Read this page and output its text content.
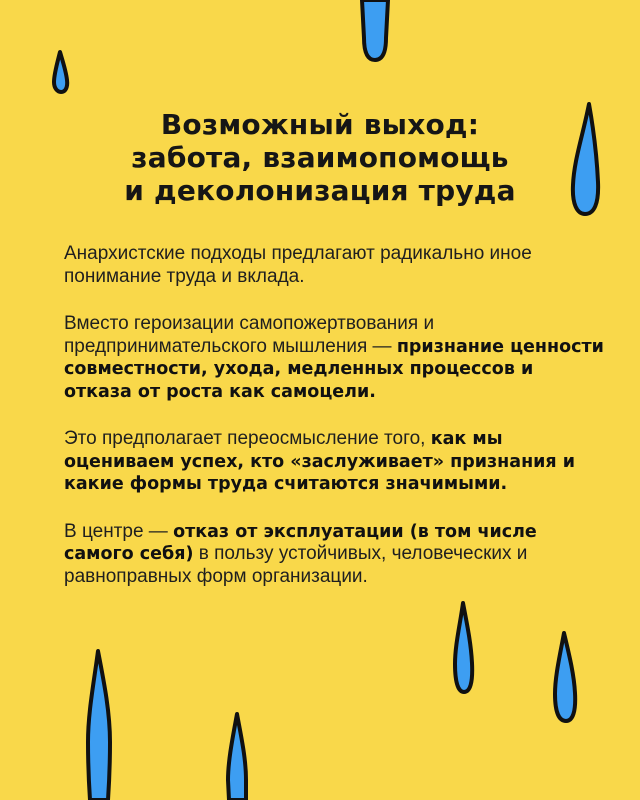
Возможный выход:
забота, взаимопомощь
и деколонизация труда

Анархистские подходы предлагают радикально иное понимание труда и вклада.

Вместо героизации самопожертвования и предпринимательского мышления — признание ценности совместности, ухода, медленных процессов и отказа от роста как самоцели.

Это предполагает переосмысление того, как мы оцениваем успех, кто «заслуживает» признания и какие формы труда считаются значимыми.

В центре — отказ от эксплуатации (в том числе самого себя) в пользу устойчивых, человеческих и равноправных форм организации.
